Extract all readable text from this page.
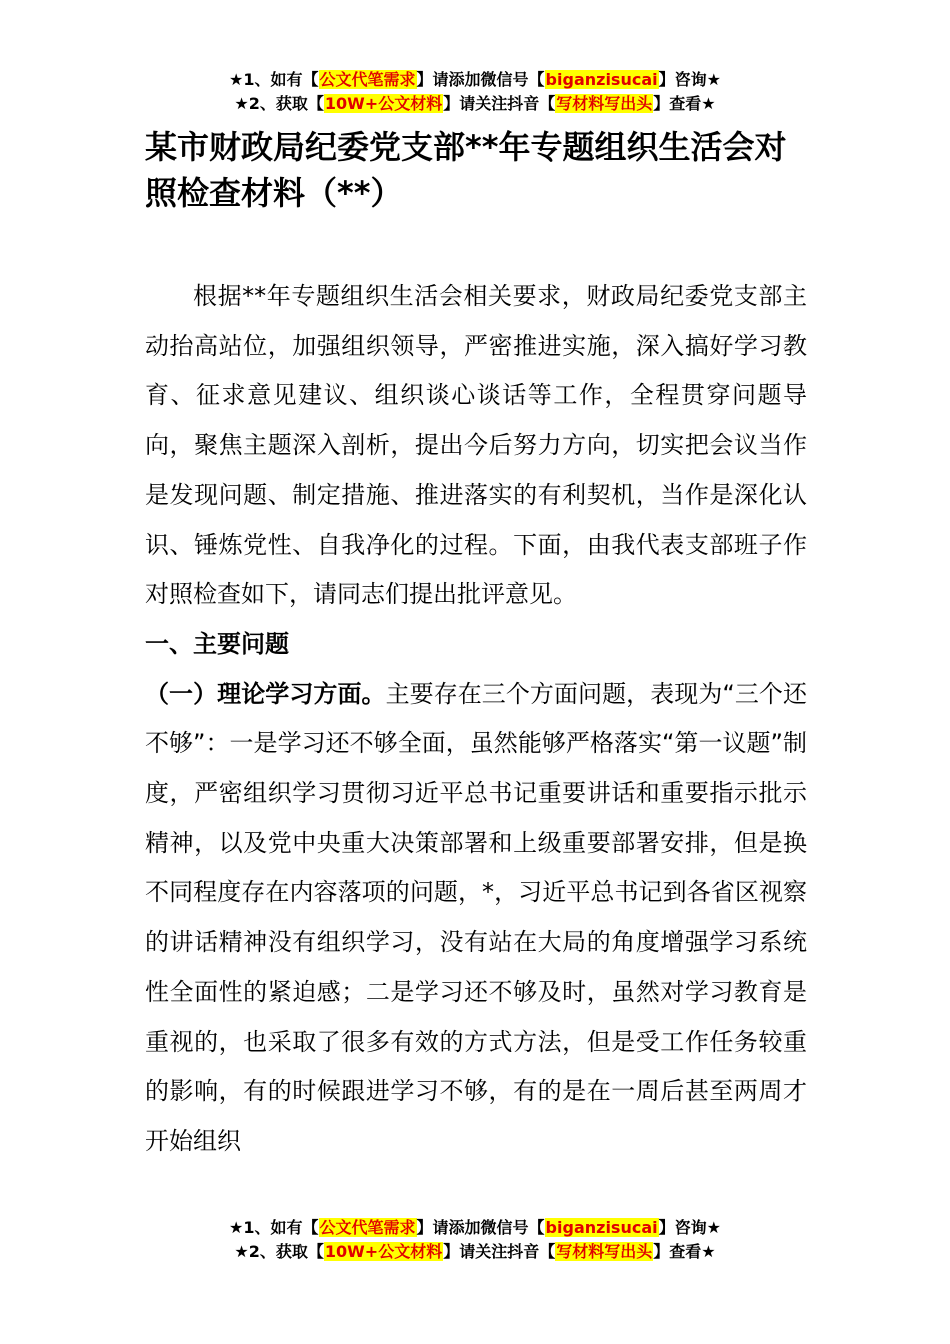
★1、如有【公文代笔需求】请添加微信号【biganzisucai】咨询★
★2、获取【10W+公文材料】请关注抖音【写材料写出头】查看★
某市财政局纪委党支部**年专题组织生活会对照检查材料（**）

根据**年专题组织生活会相关要求，财政局纪委党支部主动抬高站位，加强组织领导，严密推进实施，深入搞好学习教育、征求意见建议、组织谈心谈话等工作，全程贯穿问题导向，聚焦主题深入剖析，提出今后努力方向，切实把会议当作是发现问题、制定措施、推进落实的有利契机，当作是深化认识、锤炼党性、自我净化的过程。下面，由我代表支部班子作对照检查如下，请同志们提出批评意见。

一、主要问题

（一）理论学习方面。主要存在三个方面问题，表现为“三个还不够”：一是学习还不够全面，虽然能够严格落实“第一议题”制度，严密组织学习贯彻习近平总书记重要讲话和重要指示批示精神，以及党中央重大决策部署和上级重要部署安排，但是换不同程度存在内容落项的问题，*，习近平总书记到各省区视察的讲话精神没有组织学习，没有站在大局的角度增强学习系统性全面性的紧迫感；二是学习还不够及时，虽然对学习教育是重视的，也采取了很多有效的方式方法，但是受工作任务较重的影响，有的时候跟进学习不够，有的是在一周后甚至两周才开始组织

★1、如有【公文代笔需求】请添加微信号【biganzisucai】咨询★
★2、获取【10W+公文材料】请关注抖音【写材料写出头】查看★
